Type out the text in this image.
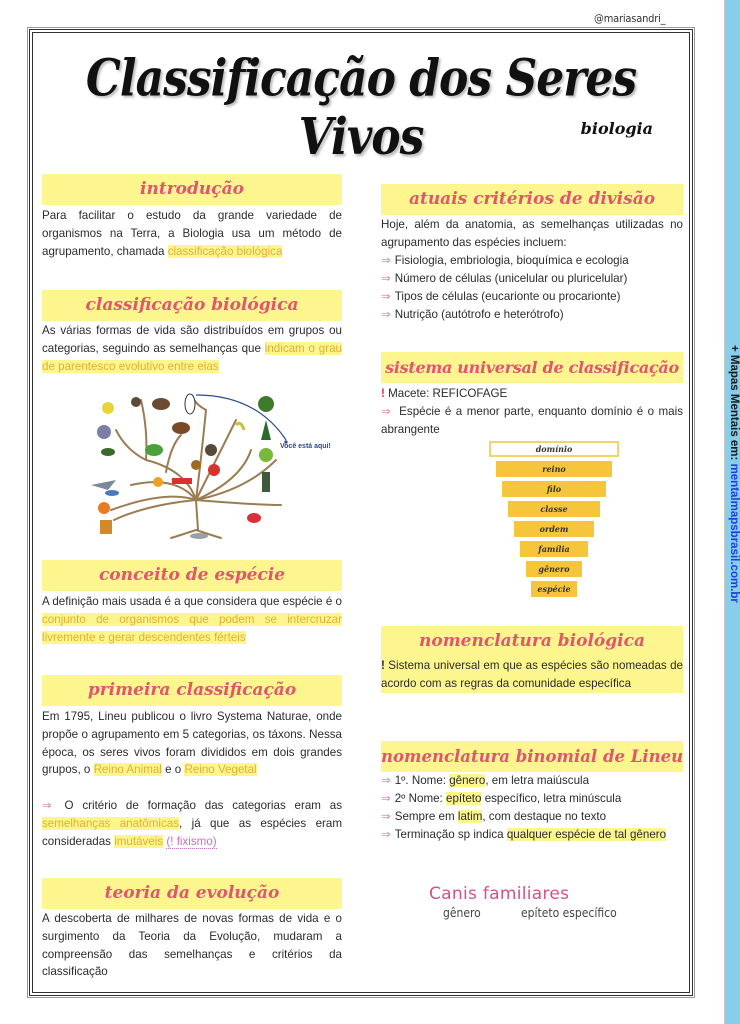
+ Mapas Mentais em: mentalmapsbrasil.com.br
@mariasandri_
Classificação dos Seres Vivos	biologia
introdução

Para facilitar o estudo da grande variedade de organismos na Terra, a Biologia usa um método de agrupamento, chamada classificação biológica

classificação biológica

As várias formas de vida são distribuídos em grupos ou categorias, seguindo as semelhanças que indicam o grau de parentesco evolutivo entre elas

Você está aqui!
conceito de espécie

A definição mais usada é a que considera que espécie é o conjunto de organismos que podem se intercruzar livremente e gerar descendentes férteis

primeira classificação

Em 1795, Lineu publicou o livro Systema Naturae, onde propõe o agrupamento em 5 categorias, os táxons. Nessa época, os seres vivos foram divididos em dois grandes grupos, o Reino Animal e o Reino Vegetal

⇒ O critério de formação das categorias eram as semelhanças anatômicas, já que as espécies eram consideradas imutáveis (! fixismo)

teoria da evolução

A descoberta de milhares de novas formas de vida e o surgimento da Teoria da Evolução, mudaram a compreensão das semelhanças e critérios da classificação

atuais critérios de divisão

Hoje, além da anatomia, as semelhanças utilizadas no agrupamento das espécies incluem:

⇒ Fisiologia, embriologia, bioquímica e ecologia
⇒ Número de células (unicelular ou pluricelular)
⇒ Tipos de células (eucarionte ou procarionte)
⇒ Nutrição (autótrofo e heterótrofo)
sistema universal de classificação

! Macete: REFICOFAGE

⇒ Espécie é a menor parte, enquanto domínio é o mais abrangente

domínio
reino
filo
classe
ordem
família
gênero
espécie
nomenclatura biológica

! Sistema universal em que as espécies são nomeadas de acordo com as regras da comunidade específica

nomenclatura binomial de Lineu
⇒ 1º. Nome: gênero, em letra maiúscula
⇒ 2º Nome: epíteto específico, letra minúscula
⇒ Sempre em latim, com destaque no texto
⇒ Terminação sp indica qualquer espécie de tal gênero
Canis familiares
gênero	epíteto específico
